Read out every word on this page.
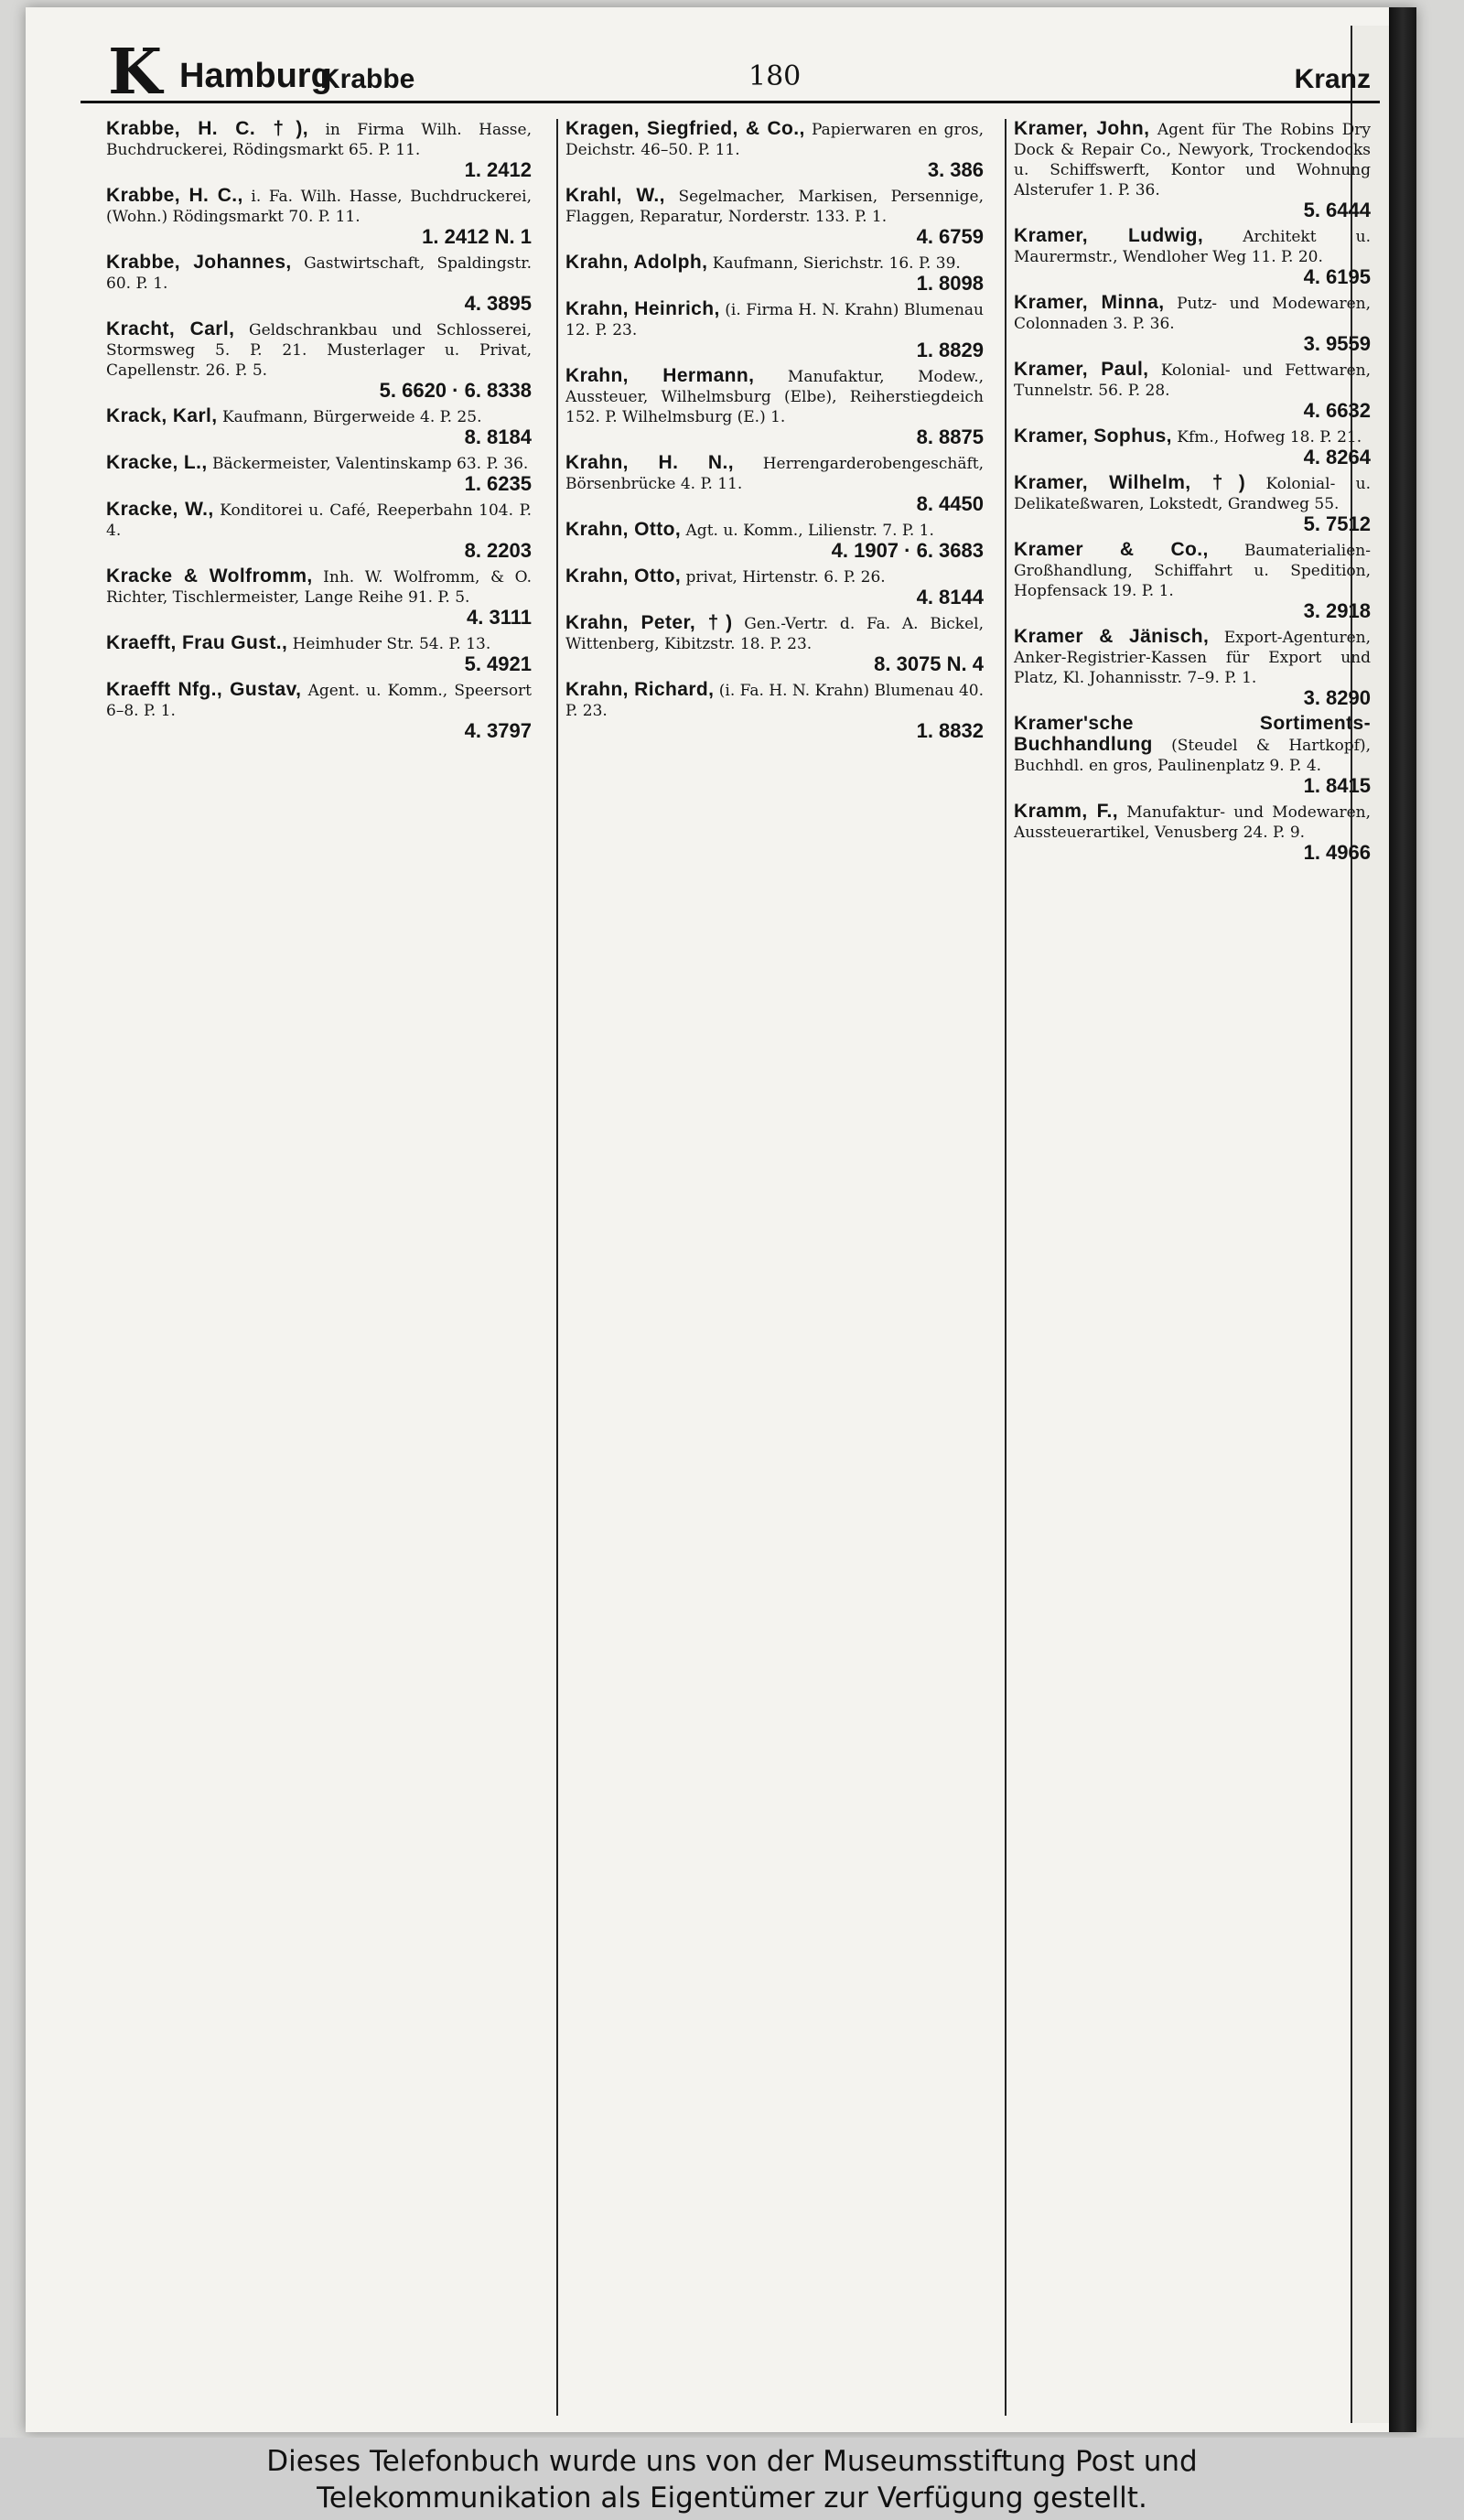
K Hamburg
Krabbe	180	Kranz
Krabbe, H. C. †), in Firma Wilh. Hasse, Buchdruckerei, Rödingsmarkt 65. P. 11.
1. 2412
Krabbe, H. C., i. Fa. Wilh. Hasse, Buchdruckerei, (Wohn.) Rödingsmarkt 70. P. 11.
1. 2412 N. 1
Krabbe, Johannes, Gastwirtschaft, Spaldingstr. 60. P. 1.
4. 3895
Kracht, Carl, Geldschrankbau und Schlosserei, Stormsweg 5. P. 21. Musterlager u. Privat, Capellenstr. 26. P. 5.
5. 6620 · 6. 8338
Krack, Karl, Kaufmann, Bürgerweide 4. P. 25.
8. 8184
Kracke, L., Bäckermeister, Valentinskamp 63. P. 36.
1. 6235
Kracke, W., Konditorei u. Café, Reeperbahn 104. P. 4.
8. 2203
Kracke & Wolfromm, Inh. W. Wolfromm, & O. Richter, Tischlermeister, Lange Reihe 91. P. 5.
4. 3111
Kraefft, Frau Gust., Heimhuder Str. 54. P. 13.
5. 4921
Kraefft Nfg., Gustav, Agent. u. Komm., Speersort 6–8. P. 1.
4. 3797
Kragen, Siegfried, & Co., Papierwaren en gros, Deichstr. 46–50. P. 11.
3. 386
Krahl, W., Segelmacher, Markisen, Persennige, Flaggen, Reparatur, Norderstr. 133. P. 1.
4. 6759
Krahn, Adolph, Kaufmann, Sierichstr. 16. P. 39.
1. 8098
Krahn, Heinrich, (i. Firma H. N. Krahn) Blumenau 12. P. 23.
1. 8829
Krahn, Hermann, Manufaktur, Modew., Aussteuer, Wilhelmsburg (Elbe), Reiherstiegdeich 152. P. Wilhelmsburg (E.) 1.
8. 8875
Krahn, H. N., Herrengarderobengeschäft, Börsenbrücke 4. P. 11.
8. 4450
Krahn, Otto, Agt. u. Komm., Lilienstr. 7. P. 1.
4. 1907 · 6. 3683
Krahn, Otto, privat, Hirtenstr. 6. P. 26.
4. 8144
Krahn, Peter, †) Gen.-Vertr. d. Fa. A. Bickel, Wittenberg, Kibitzstr. 18. P. 23.
8. 3075 N. 4
Krahn, Richard, (i. Fa. H. N. Krahn) Blumenau 40. P. 23.
1. 8832
Kramer, John, Agent für The Robins Dry Dock & Repair Co., Newyork, Trockendocks u. Schiffswerft, Kontor und Wohnung Alsterufer 1. P. 36.
5. 6444
Kramer, Ludwig,	Architekt u. Maurermstr., Wendloher Weg 11. P. 20.
4. 6195
Kramer, Minna, Putz- und Modewaren, Colonnaden 3. P. 36.
3. 9559
Kramer, Paul, Kolonial- und Fettwaren, Tunnelstr. 56. P. 28.
4. 6632
Kramer, Sophus, Kfm., Hofweg 18. P. 21.
4. 8264
Kramer, Wilhelm, †) Kolonial- u. Delikateßwaren, Lokstedt, Grandweg 55.
5. 7512
Kramer & Co., Baumaterialien-Großhandlung, Schiffahrt u. Spedition, Hopfensack 19. P. 1.
3. 2918
Kramer & Jänisch, Export-Agenturen, Anker-Registrier-Kassen für Export und Platz, Kl. Johannisstr. 7–9. P. 1.
3. 8290
Kramer'sche Sortiments-Buchhandlung (Steudel & Hartkopf), Buchhdl. en gros, Paulinenplatz 9. P. 4.
1. 8415
Kramm, F., Manufaktur- und Modewaren, Aussteuerartikel, Venusberg 24. P. 9.
1. 4966
Dieses Telefonbuch wurde uns von der Museumsstiftung Post und
Telekommunikation als Eigentümer zur Verfügung gestellt.
